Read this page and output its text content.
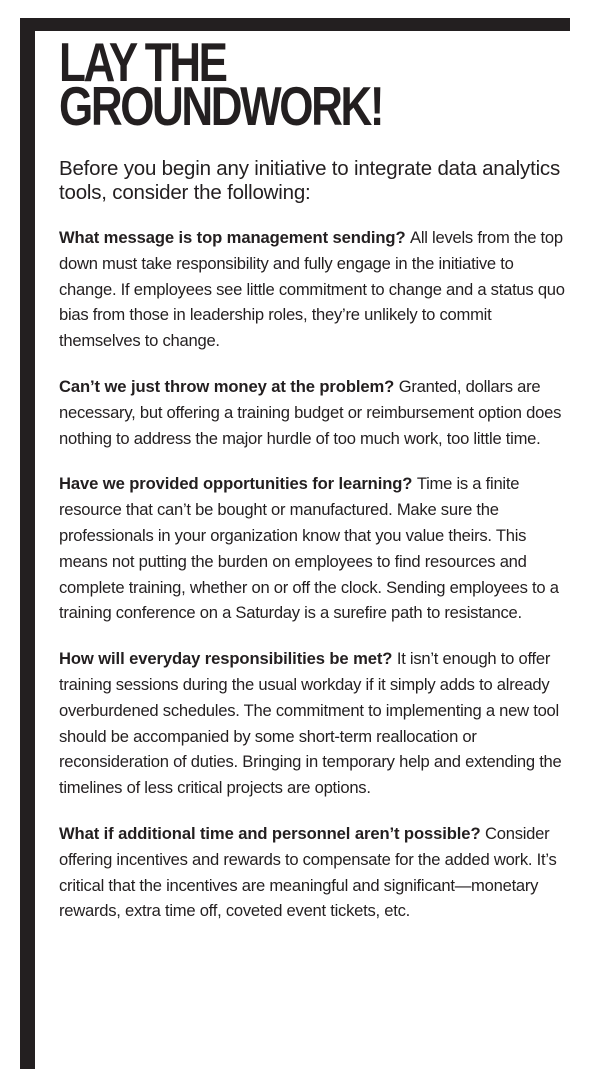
LAY THE
GROUNDWORK!

Before you begin any initiative to integrate data analytics tools, consider the following:

What message is top management sending? All levels from the top down must take responsibility and fully engage in the initiative to change. If employees see little commitment to change and a status quo bias from those in leadership roles, they’re unlikely to commit themselves to change.

Can’t we just throw money at the problem? Granted, dollars are necessary, but offering a training budget or reimbursement option does nothing to address the major hurdle of too much work, too little time.

Have we provided opportunities for learning? Time is a finite resource that can’t be bought or manufactured. Make sure the professionals in your organization know that you value theirs. This means not putting the burden on employees to find resources and complete training, whether on or off the clock. Sending employees to a training conference on a Saturday is a surefire path to resistance.

How will everyday responsibilities be met? It isn’t enough to offer training sessions during the usual workday if it simply adds to already overburdened schedules. The commitment to implementing a new tool should be accompanied by some short-term reallocation or reconsideration of duties. Bringing in temporary help and extending the timelines of less critical projects are options.

What if additional time and personnel aren’t possible? Consider offering incentives and rewards to compensate for the added work. It’s critical that the incentives are meaningful and significant—monetary rewards, extra time off, coveted event tickets, etc.
